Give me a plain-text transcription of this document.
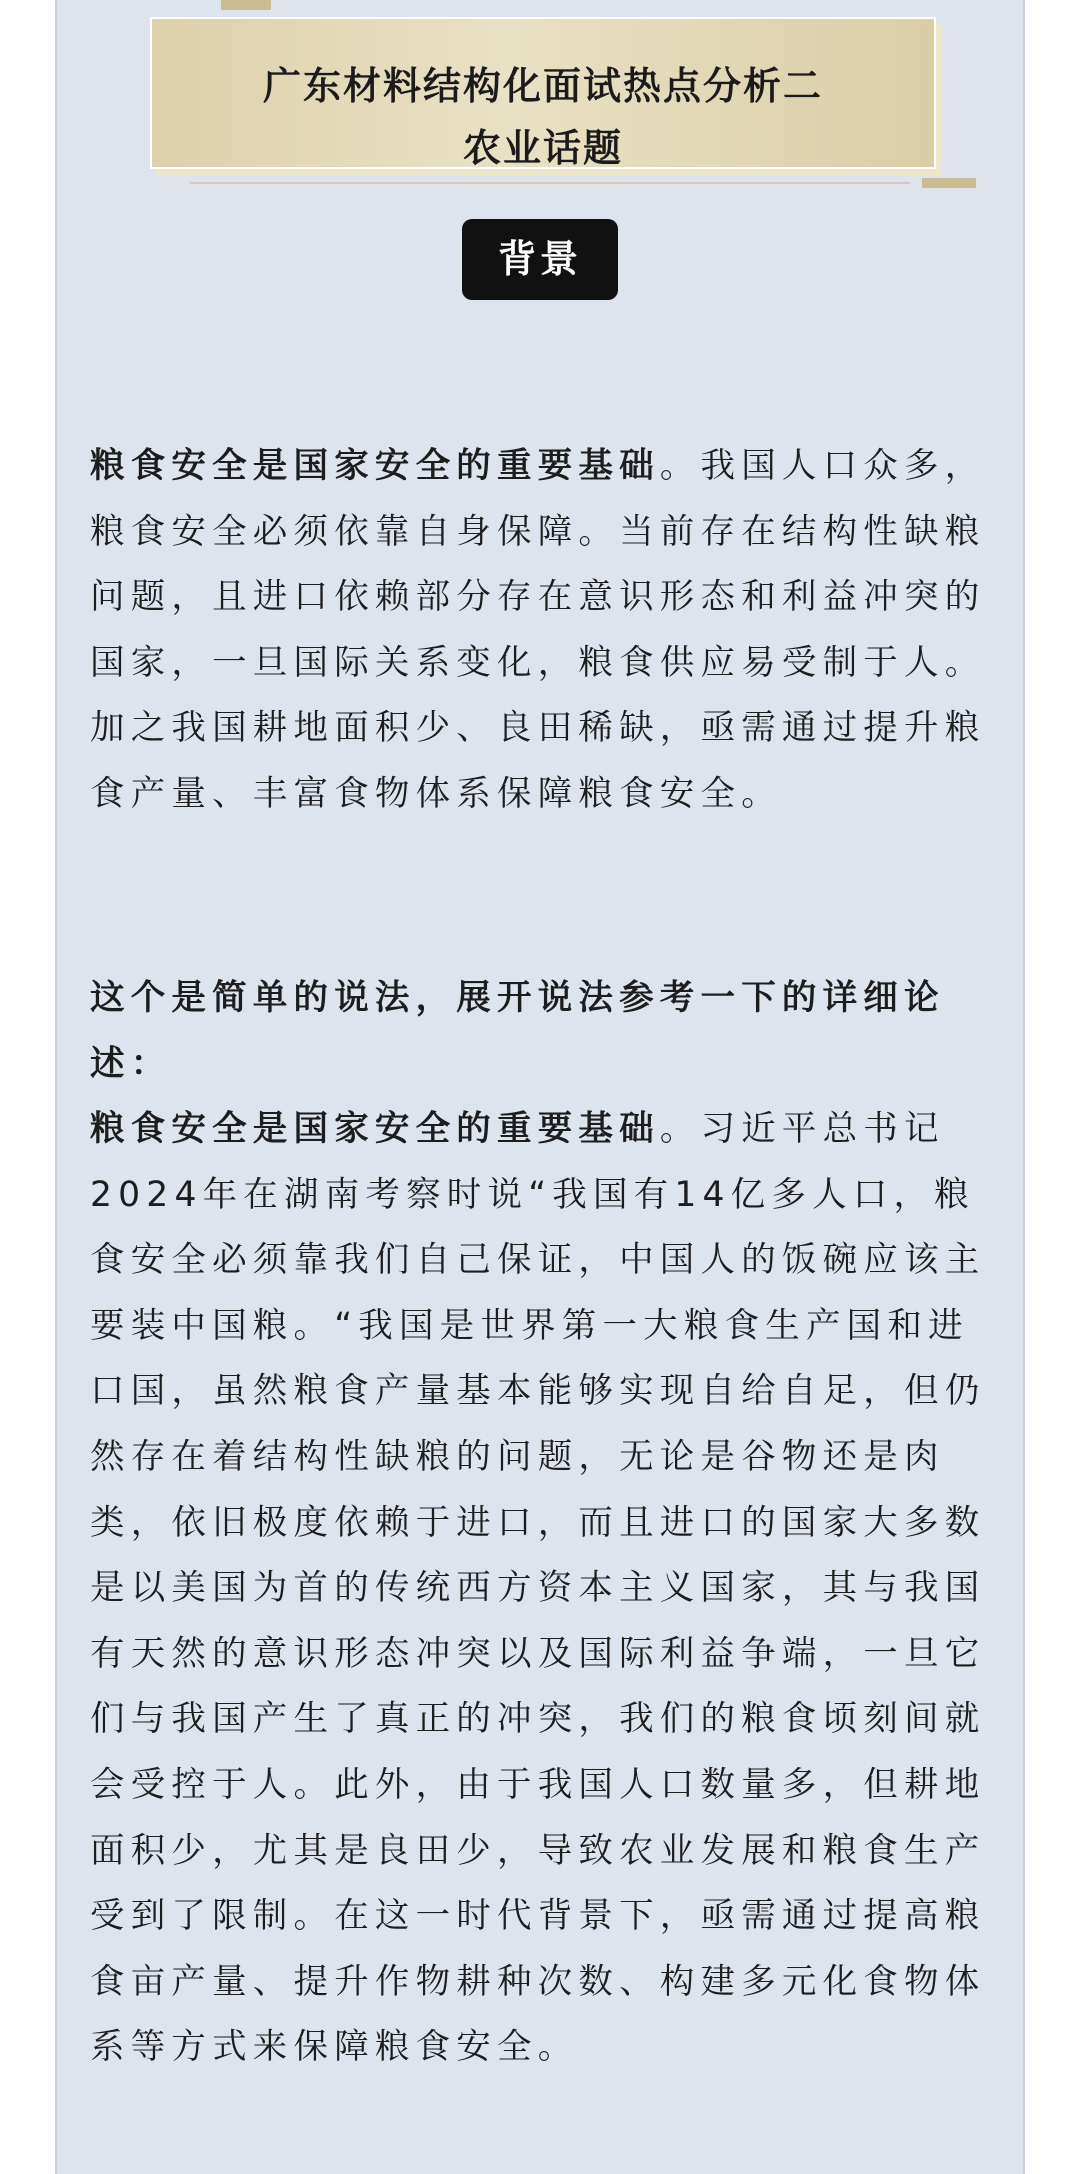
广东材料结构化面试热点分析二
农业话题
背景
粮食安全是国家安全的重要基础。我国人口众多，粮食安全必须依靠自身保障。当前存在结构性缺粮问题，且进口依赖部分存在意识形态和利益冲突的国家，一旦国际关系变化，粮食供应易受制于人。加之我国耕地面积少、良田稀缺，亟需通过提升粮食产量、丰富食物体系保障粮食安全。
这个是简单的说法，展开说法参考一下的详细论述：
粮食安全是国家安全的重要基础。习近平总书记2024年在湖南考察时说“我国有14亿多人口，粮食安全必须靠我们自己保证，中国人的饭碗应该主要装中国粮。“我国是世界第一大粮食生产国和进口国，虽然粮食产量基本能够实现自给自足，但仍然存在着结构性缺粮的问题，无论是谷物还是肉类，依旧极度依赖于进口，而且进口的国家大多数是以美国为首的传统西方资本主义国家，其与我国有天然的意识形态冲突以及国际利益争端，一旦它们与我国产生了真正的冲突，我们的粮食顷刻间就会受控于人。此外，由于我国人口数量多，但耕地面积少，尤其是良田少，导致农业发展和粮食生产受到了限制。在这一时代背景下，亟需通过提高粮食亩产量、提升作物耕种次数、构建多元化食物体系等方式来保障粮食安全。
